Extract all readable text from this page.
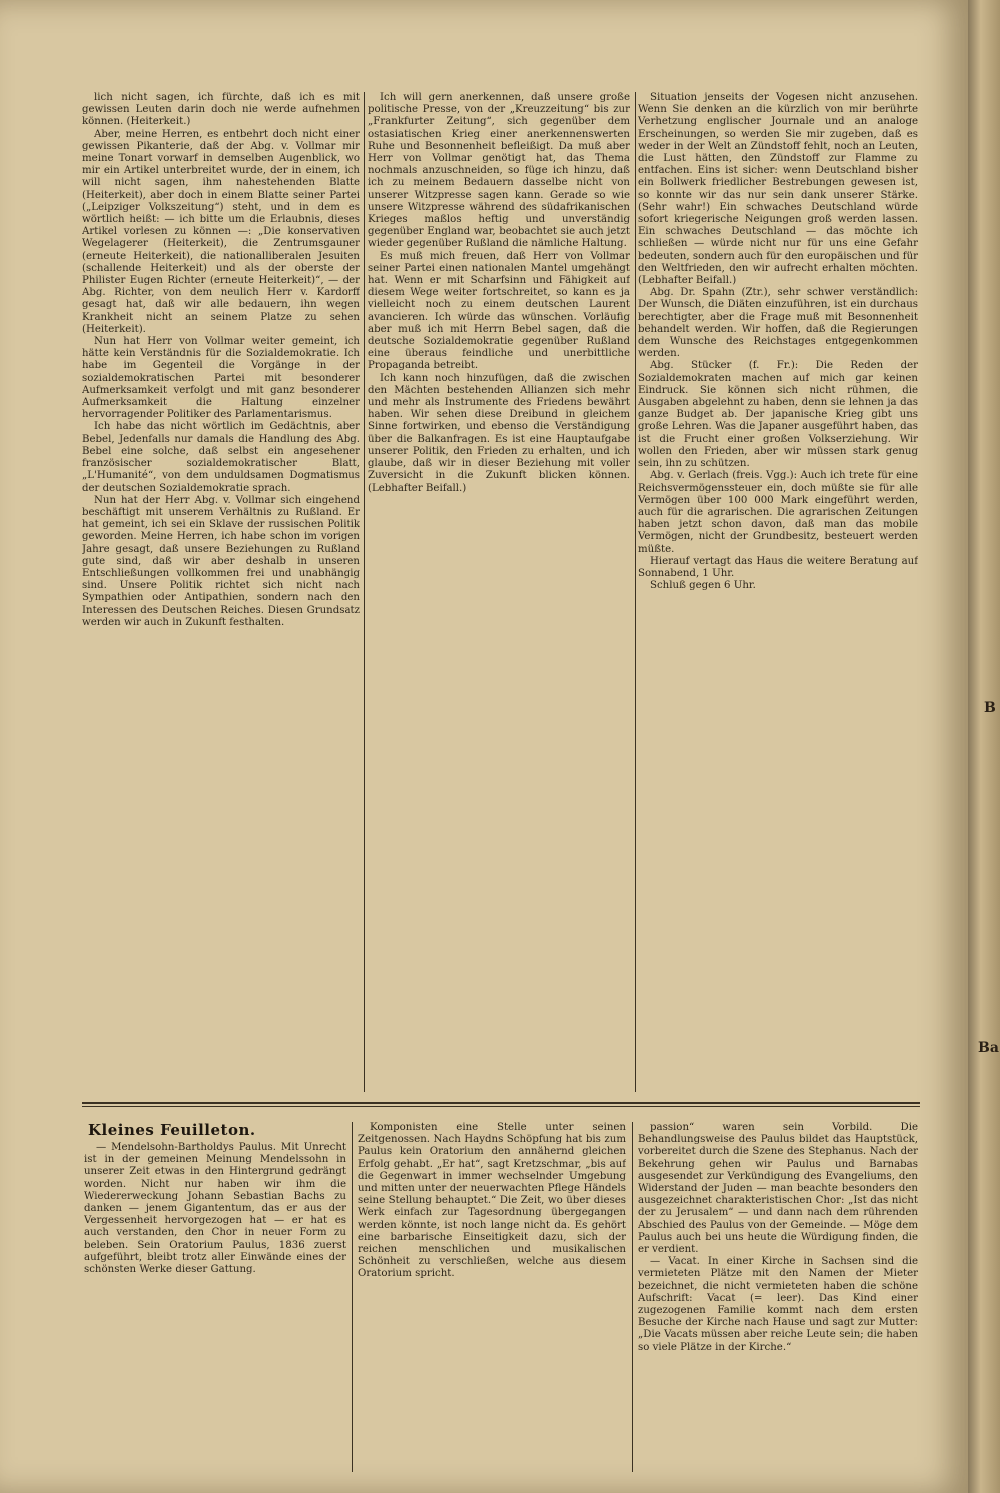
lich nicht sagen, ich fürchte, daß ich es mit gewissen Leuten darin doch nie werde aufnehmen können. (Heiterkeit.)

Aber, meine Herren, es entbehrt doch nicht einer gewissen Pikanterie, daß der Abg. v. Vollmar mir meine Tonart vorwarf in demselben Augenblick, wo mir ein Artikel unterbreitet wurde, der in einem, ich will nicht sagen, ihm nahestehenden Blatte (Heiterkeit), aber doch in einem Blatte seiner Partei („Leipziger Volkszeitung“) steht, und in dem es wörtlich heißt: — ich bitte um die Erlaubnis, dieses Artikel vorlesen zu können —: „Die konservativen Wegelagerer (Heiterkeit), die Zentrumsgauner (erneute Heiterkeit), die nationalliberalen Jesuiten (schallende Heiterkeit) und als der oberste der Philister Eugen Richter (erneute Heiterkeit)“, — der Abg. Richter, von dem neulich Herr v. Kardorff gesagt hat, daß wir alle bedauern, ihn wegen Krankheit nicht an seinem Platze zu sehen (Heiterkeit).

Nun hat Herr von Vollmar weiter gemeint, ich hätte kein Verständnis für die Sozialdemokratie. Ich habe im Gegenteil die Vorgänge in der sozialdemokratischen Partei mit besonderer Aufmerksamkeit verfolgt und mit ganz besonderer Aufmerksamkeit die Haltung einzelner hervorragender Politiker des Parlamentarismus.

Ich habe das nicht wörtlich im Gedächtnis, aber Bebel, Jedenfalls nur damals die Handlung des Abg. Bebel eine solche, daß selbst ein angesehener französischer sozialdemokratischer Blatt, „L'Humanité“, von dem unduldsamen Dogmatismus der deutschen Sozialdemokratie sprach.

Nun hat der Herr Abg. v. Vollmar sich eingehend beschäftigt mit unserem Verhältnis zu Rußland. Er hat gemeint, ich sei ein Sklave der russischen Politik geworden. Meine Herren, ich habe schon im vorigen Jahre gesagt, daß unsere Beziehungen zu Rußland gute sind, daß wir aber deshalb in unseren Entschließungen vollkommen frei und unabhängig sind. Unsere Politik richtet sich nicht nach Sympathien oder Antipathien, sondern nach den Interessen des Deutschen Reiches. Diesen Grundsatz werden wir auch in Zukunft festhalten.

Ich will gern anerkennen, daß unsere große politische Presse, von der „Kreuzzeitung“ bis zur „Frankfurter Zeitung“, sich gegenüber dem ostasiatischen Krieg einer anerkennenswerten Ruhe und Besonnenheit befleißigt. Da muß aber Herr von Vollmar genötigt hat, das Thema nochmals anzuschneiden, so füge ich hinzu, daß ich zu meinem Bedauern dasselbe nicht von unserer Witzpresse sagen kann. Gerade so wie unsere Witzpresse während des südafrikanischen Krieges maßlos heftig und unverständig gegenüber England war, beobachtet sie auch jetzt wieder gegenüber Rußland die nämliche Haltung.

Es muß mich freuen, daß Herr von Vollmar seiner Partei einen nationalen Mantel umgehängt hat. Wenn er mit Scharfsinn und Fähigkeit auf diesem Wege weiter fortschreitet, so kann es ja vielleicht noch zu einem deutschen Laurent avancieren. Ich würde das wünschen. Vorläufig aber muß ich mit Herrn Bebel sagen, daß die deutsche Sozialdemokratie gegenüber Rußland eine überaus feindliche und unerbittliche Propaganda betreibt.

Ich kann noch hinzufügen, daß die zwischen den Mächten bestehenden Allianzen sich mehr und mehr als Instrumente des Friedens bewährt haben. Wir sehen diese Dreibund in gleichem Sinne fortwirken, und ebenso die Verständigung über die Balkanfragen. Es ist eine Hauptaufgabe unserer Politik, den Frieden zu erhalten, und ich glaube, daß wir in dieser Beziehung mit voller Zuversicht in die Zukunft blicken können. (Lebhafter Beifall.)

Situation jenseits der Vogesen nicht anzusehen. Wenn Sie denken an die kürzlich von mir berührte Verhetzung englischer Journale und an analoge Erscheinungen, so werden Sie mir zugeben, daß es weder in der Welt an Zündstoff fehlt, noch an Leuten, die Lust hätten, den Zündstoff zur Flamme zu entfachen. Eins ist sicher: wenn Deutschland bisher ein Bollwerk friedlicher Bestrebungen gewesen ist, so konnte wir das nur sein dank unserer Stärke. (Sehr wahr!) Ein schwaches Deutschland würde sofort kriegerische Neigungen groß werden lassen. Ein schwaches Deutschland — das möchte ich schließen — würde nicht nur für uns eine Gefahr bedeuten, sondern auch für den europäischen und für den Weltfrieden, den wir aufrecht erhalten möchten. (Lebhafter Beifall.)

Abg. Dr. Spahn (Ztr.), sehr schwer verständlich: Der Wunsch, die Diäten einzuführen, ist ein durchaus berechtigter, aber die Frage muß mit Besonnenheit behandelt werden. Wir hoffen, daß die Regierungen dem Wunsche des Reichstages entgegenkommen werden.

Abg. Stücker (f. Fr.): Die Reden der Sozialdemokraten machen auf mich gar keinen Eindruck. Sie können sich nicht rühmen, die Ausgaben abgelehnt zu haben, denn sie lehnen ja das ganze Budget ab. Der japanische Krieg gibt uns große Lehren. Was die Japaner ausgeführt haben, das ist die Frucht einer großen Volkserziehung. Wir wollen den Frieden, aber wir müssen stark genug sein, ihn zu schützen.

Abg. v. Gerlach (freis. Vgg.): Auch ich trete für eine Reichsvermögenssteuer ein, doch müßte sie für alle Vermögen über 100 000 Mark eingeführt werden, auch für die agrarischen. Die agrarischen Zeitungen haben jetzt schon davon, daß man das mobile Vermögen, nicht der Grundbesitz, besteuert werden müßte.

Hierauf vertagt das Haus die weitere Beratung auf Sonnabend, 1 Uhr.

Schluß gegen 6 Uhr.

Kleines Feuilleton.

— Mendelsohn-Bartholdys Paulus. Mit Unrecht ist in der gemeinen Meinung Mendelssohn in unserer Zeit etwas in den Hintergrund gedrängt worden. Nicht nur haben wir ihm die Wiedererweckung Johann Sebastian Bachs zu danken — jenem Gigantentum, das er aus der Vergessenheit hervorgezogen hat — er hat es auch verstanden, den Chor in neuer Form zu beleben. Sein Oratorium Paulus, 1836 zuerst aufgeführt, bleibt trotz aller Einwände eines der schönsten Werke dieser Gattung.

Komponisten eine Stelle unter seinen Zeitgenossen. Nach Haydns Schöpfung hat bis zum Paulus kein Oratorium den annähernd gleichen Erfolg gehabt. „Er hat“, sagt Kretzschmar, „bis auf die Gegenwart in immer wechselnder Umgebung und mitten unter der neuerwachten Pflege Händels seine Stellung behauptet.“ Die Zeit, wo über dieses Werk einfach zur Tagesordnung übergegangen werden könnte, ist noch lange nicht da. Es gehört eine barbarische Einseitigkeit dazu, sich der reichen menschlichen und musikalischen Schönheit zu verschließen, welche aus diesem Oratorium spricht.

passion“ waren sein Vorbild. Die Behandlungsweise des Paulus bildet das Hauptstück, vorbereitet durch die Szene des Stephanus. Nach der Bekehrung gehen wir Paulus und Barnabas ausgesendet zur Verkündigung des Evangeliums, den Widerstand der Juden — man beachte besonders den ausgezeichnet charakteristischen Chor: „Ist das nicht der zu Jerusalem“ — und dann nach dem rührenden Abschied des Paulus von der Gemeinde. — Möge dem Paulus auch bei uns heute die Würdigung finden, die er verdient.

— Vacat. In einer Kirche in Sachsen sind die vermieteten Plätze mit den Namen der Mieter bezeichnet, die nicht vermieteten haben die schöne Aufschrift: Vacat (= leer). Das Kind einer zugezogenen Familie kommt nach dem ersten Besuche der Kirche nach Hause und sagt zur Mutter: „Die Vacats müssen aber reiche Leute sein; die haben so viele Plätze in der Kirche.“

B
Ba
